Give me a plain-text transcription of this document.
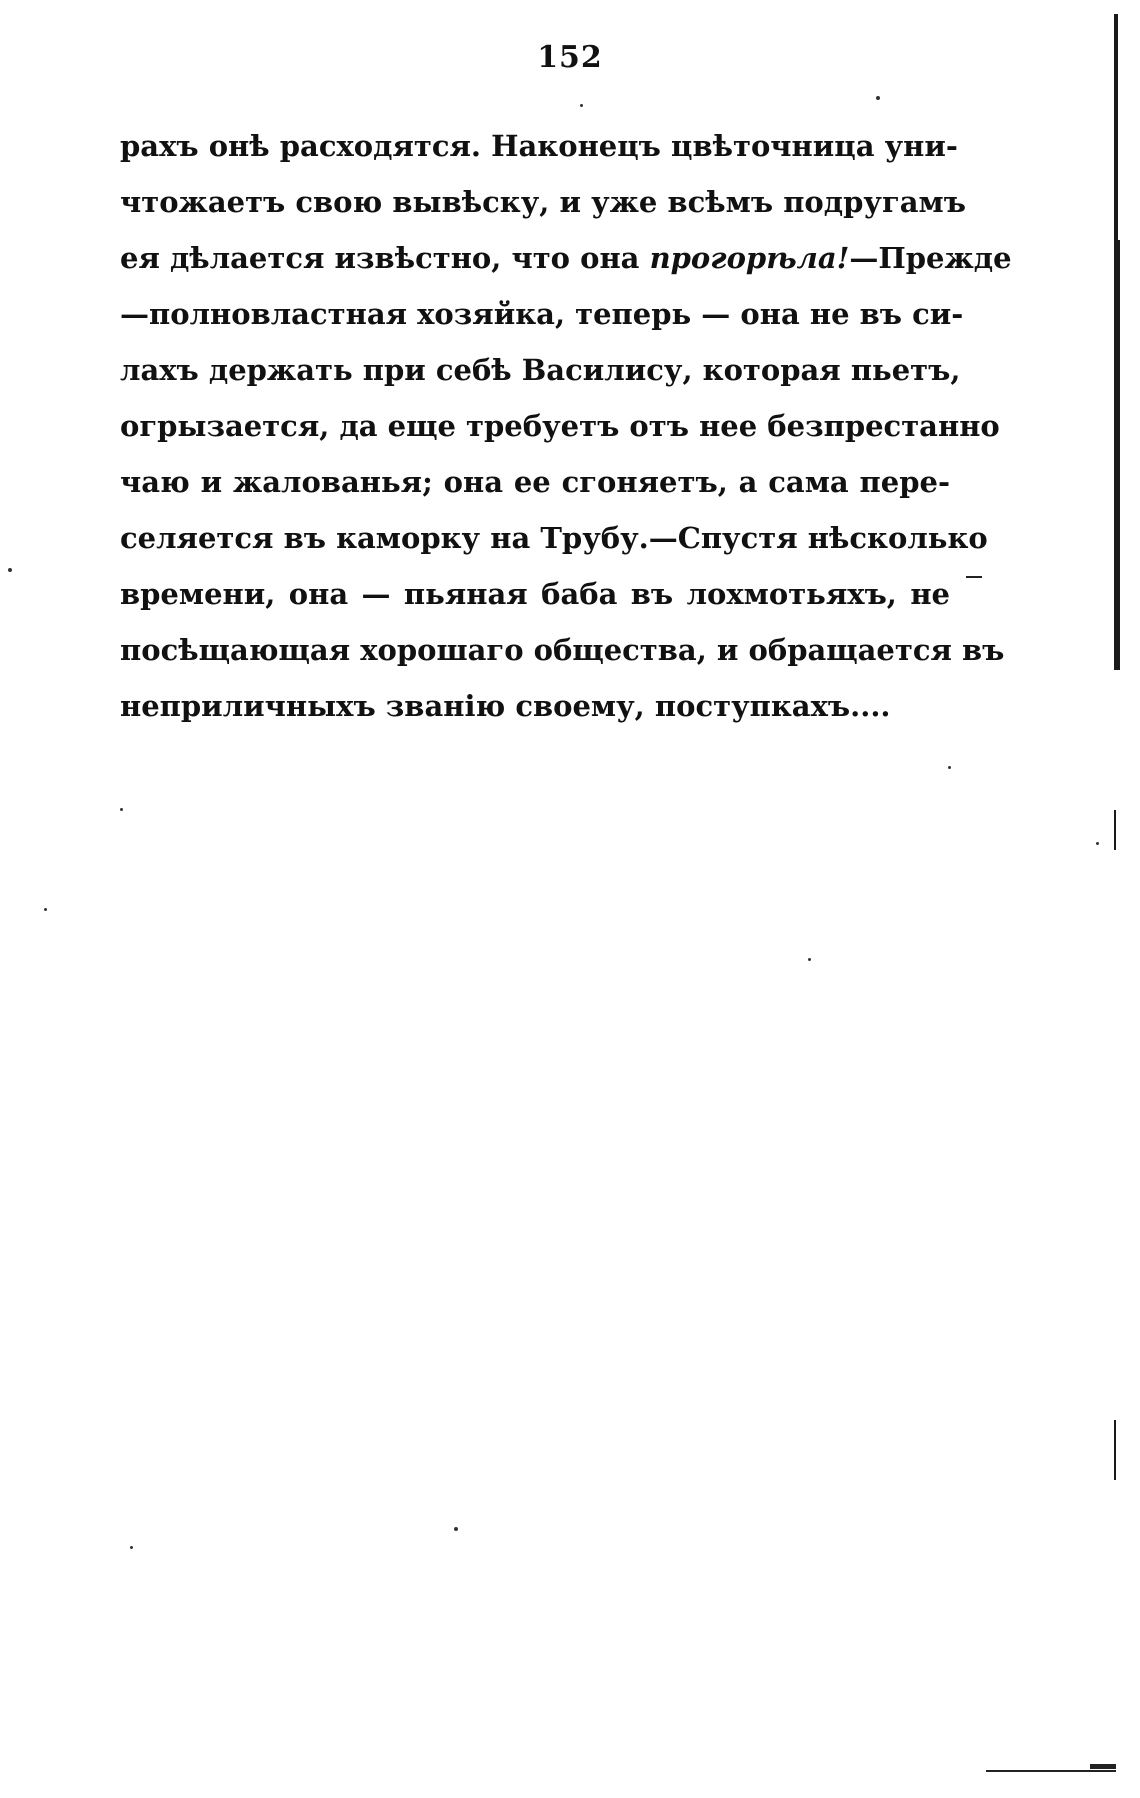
152
рахъ онѣ расходятся. Наконецъ цвѣточница уни-
чтожаетъ свою вывѣску, и уже всѣмъ подругамъ
ея дѣлается извѣстно, что она прогорѣла!—Прежде
—полновластная хозяйка, теперь — она не въ си-
лахъ держать при себѣ Василису, которая пьетъ,
огрызается, да еще требуетъ отъ нее безпрестанно
чаю и жалованья; она ее сгоняетъ, а сама пере-
селяется въ каморку на Трубу.—Спустя нѣсколько
времени, она — пьяная баба въ лохмотьяхъ, не
посѣщающая хорошаго общества, и обращается въ
неприличныхъ званію своему, поступкахъ....
